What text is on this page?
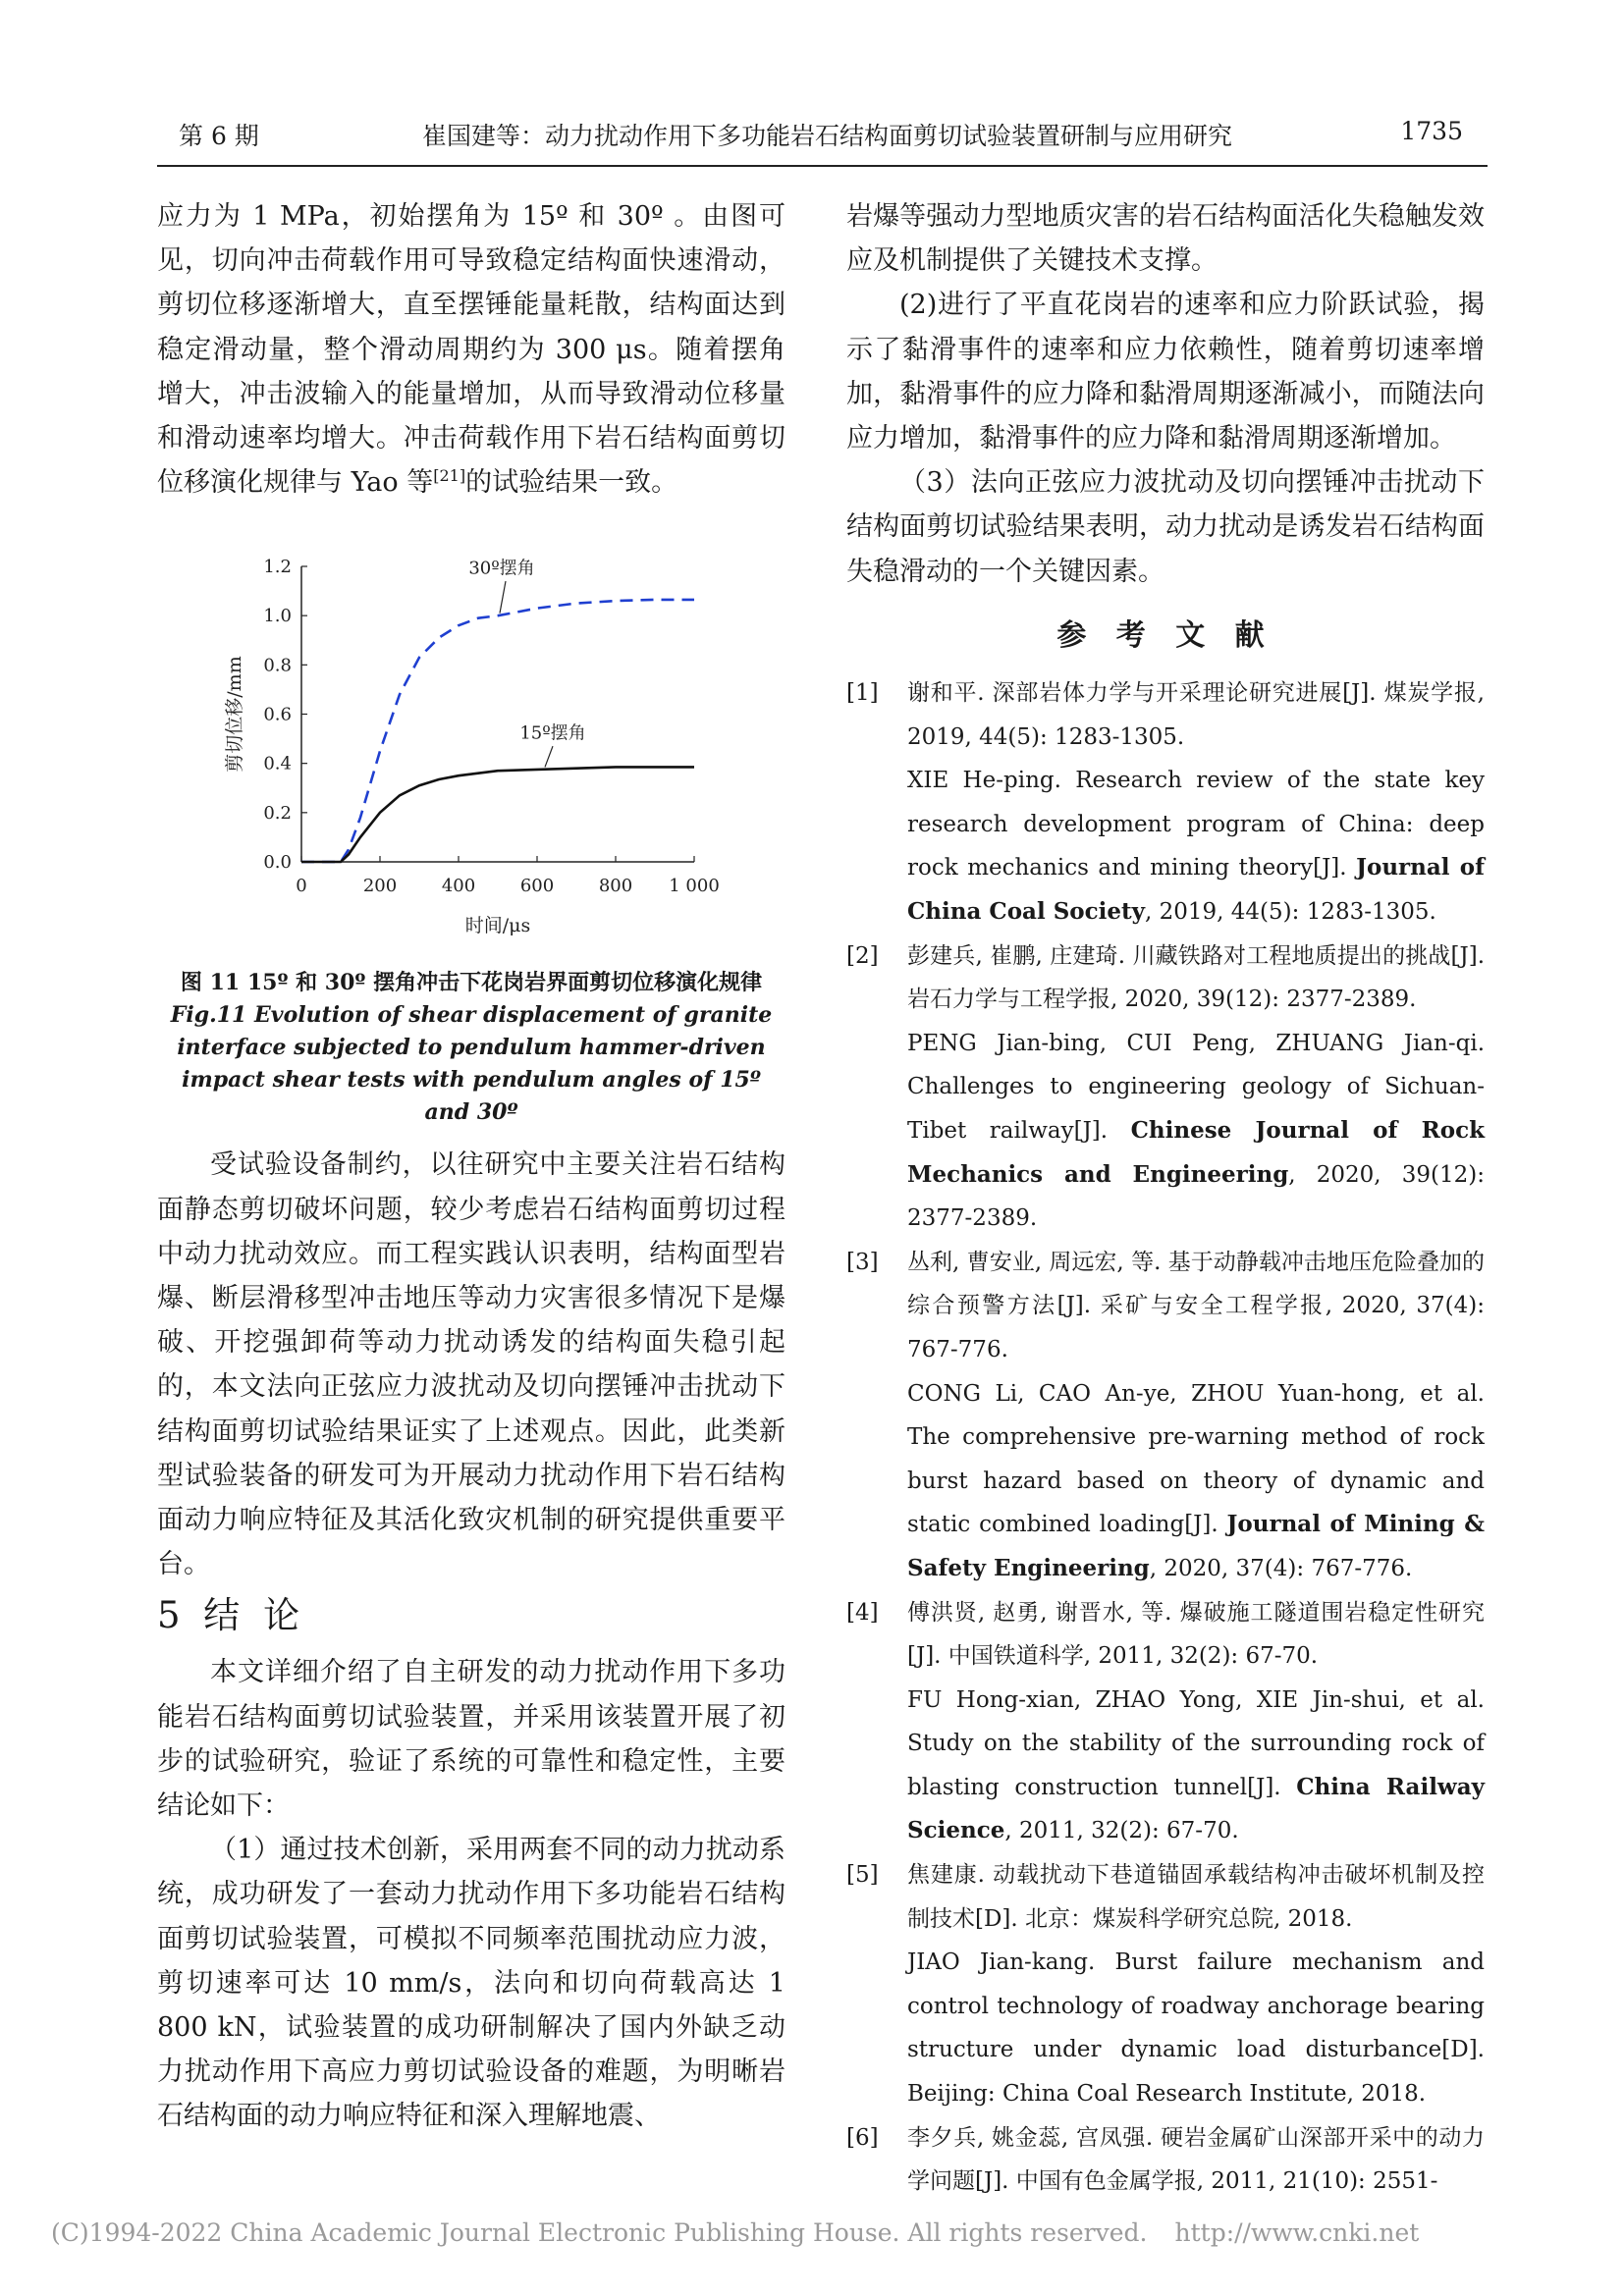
第 6 期	崔国建等：动力扰动作用下多功能岩石结构面剪切试验装置研制与应用研究	1735

应力为 1 MPa，初始摆角为 15º 和 30º 。由图可见，切向冲击荷载作用可导致稳定结构面快速滑动，剪切位移逐渐增大，直至摆锤能量耗散，结构面达到稳定滑动量，整个滑动周期约为 300 μs。随着摆角增大，冲击波输入的能量增加，从而导致滑动位移量和滑动速率均增大。冲击荷载作用下岩石结构面剪切位移演化规律与 Yao 等[21]的试验结果一致。

受试验设备制约，以往研究中主要关注岩石结构面静态剪切破坏问题，较少考虑岩石结构面剪切过程中动力扰动效应。而工程实践认识表明，结构面型岩爆、断层滑移型冲击地压等动力灾害很多情况下是爆破、开挖强卸荷等动力扰动诱发的结构面失稳引起的，本文法向正弦应力波扰动及切向摆锤冲击扰动下结构面剪切试验结果证实了上述观点。因此，此类新型试验装备的研发可为开展动力扰动作用下岩石结构面动力响应特征及其活化致灾机制的研究提供重要平台。

5 结 论

本文详细介绍了自主研发的动力扰动作用下多功能岩石结构面剪切试验装置，并采用该装置开展了初步的试验研究，验证了系统的可靠性和稳定性，主要结论如下：

（1）通过技术创新，采用两套不同的动力扰动系统，成功研发了一套动力扰动作用下多功能岩石结构面剪切试验装置，可模拟不同频率范围扰动应力波，剪切速率可达 10 mm/s，法向和切向荷载高达 1 800 kN，试验装置的成功研制解决了国内外缺乏动力扰动作用下高应力剪切试验设备的难题，为明晰岩石结构面的动力响应特征和深入理解地震、

0.0
0.2
0.4
0.6
0.8
1.0
1.2
0	200	400	600	800 1 000
时间/μs
剪切位移/mm
30º摆角
15º摆角
图 11 15º 和 30º 摆角冲击下花岗岩界面剪切位移演化规律
Fig.11 Evolution of shear displacement of granite interface subjected to pendulum hammer-driven impact shear tests with pendulum angles of 15º and 30º

岩爆等强动力型地质灾害的岩石结构面活化失稳触发效应及机制提供了关键技术支撑。

(2)进行了平直花岗岩的速率和应力阶跃试验，揭示了黏滑事件的速率和应力依赖性，随着剪切速率增加，黏滑事件的应力降和黏滑周期逐渐减小，而随法向应力增加，黏滑事件的应力降和黏滑周期逐渐增加。

（3）法向正弦应力波扰动及切向摆锤冲击扰动下结构面剪切试验结果表明，动力扰动是诱发岩石结构面失稳滑动的一个关键因素。

参 考 文 献

[1] 谢和平. 深部岩体力学与开采理论研究进展[J]. 煤炭学报, 2019, 44(5): 1283-1305.
XIE He-ping. Research review of the state key research development program of China: deep rock mechanics and mining theory[J]. Journal of China Coal Society, 2019, 44(5): 1283-1305.
[2] 彭建兵, 崔鹏, 庄建琦. 川藏铁路对工程地质提出的挑战[J]. 岩石力学与工程学报, 2020, 39(12): 2377-2389.
PENG Jian-bing, CUI Peng, ZHUANG Jian-qi. Challenges to engineering geology of Sichuan-Tibet railway[J]. Chinese Journal of Rock Mechanics and Engineering, 2020, 39(12): 2377-2389.
[3] 丛利, 曹安业, 周远宏, 等. 基于动静载冲击地压危险叠加的综合预警方法[J]. 采矿与安全工程学报, 2020, 37(4): 767-776.
CONG Li, CAO An-ye, ZHOU Yuan-hong, et al. The comprehensive pre-warning method of rock burst hazard based on theory of dynamic and static combined loading[J]. Journal of Mining & Safety Engineering, 2020, 37(4): 767-776.
[4] 傅洪贤, 赵勇, 谢晋水, 等. 爆破施工隧道围岩稳定性研究[J]. 中国铁道科学, 2011, 32(2): 67-70.
FU Hong-xian, ZHAO Yong, XIE Jin-shui, et al. Study on the stability of the surrounding rock of blasting construction tunnel[J]. China Railway Science, 2011, 32(2): 67-70.
[5] 焦建康. 动载扰动下巷道锚固承载结构冲击破坏机制及控制技术[D]. 北京：煤炭科学研究总院, 2018.
JIAO Jian-kang. Burst failure mechanism and control technology of roadway anchorage bearing structure under dynamic load disturbance[D]. Beijing: China Coal Research Institute, 2018.
[6] 李夕兵, 姚金蕊, 宫凤强. 硬岩金属矿山深部开采中的动力学问题[J]. 中国有色金属学报, 2011, 21(10): 2551-
(C)1994-2022 China Academic Journal Electronic Publishing House. All rights reserved. http://www.cnki.net
